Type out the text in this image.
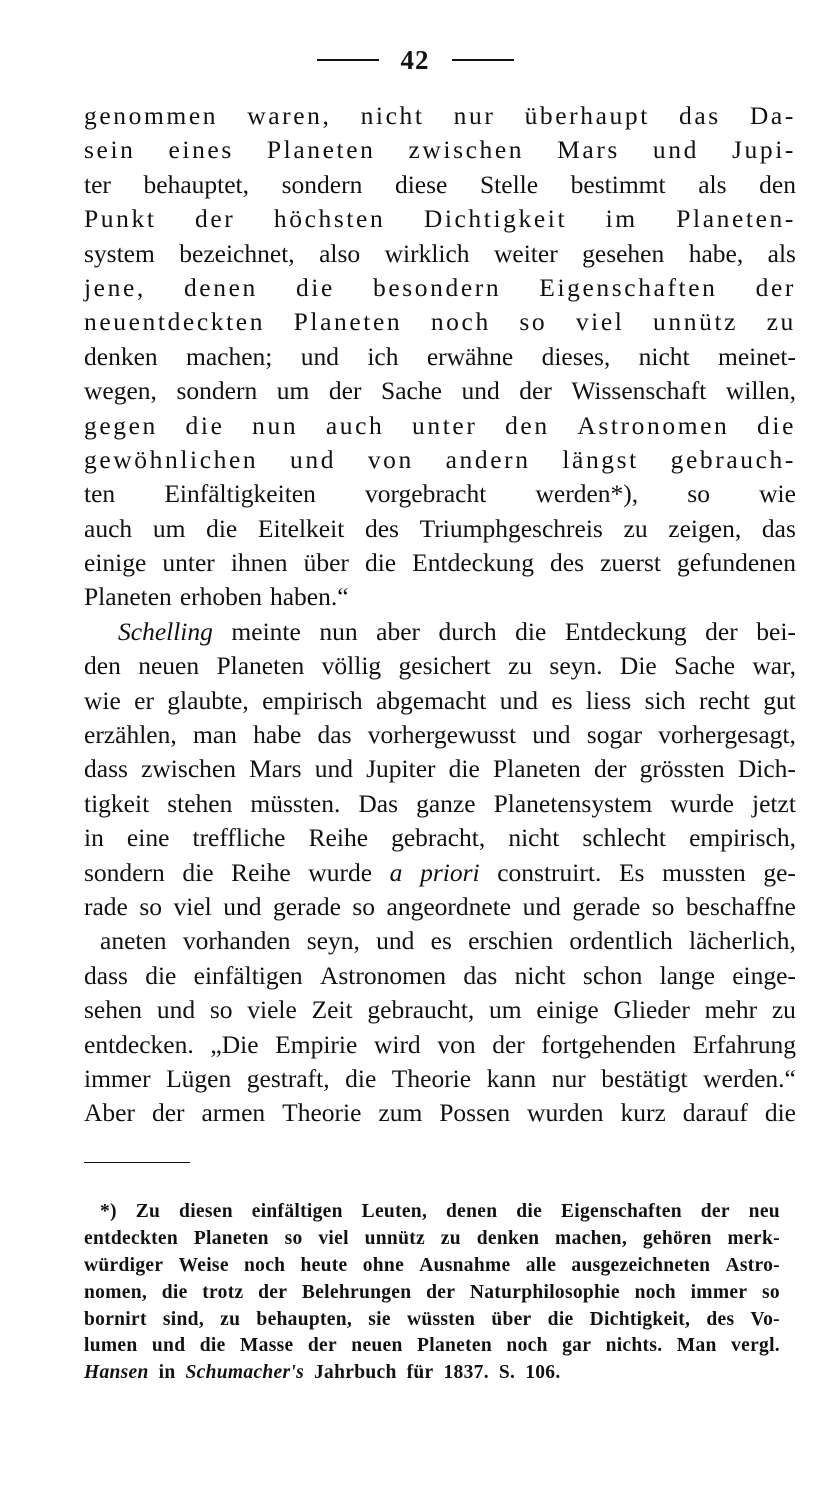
42
genommen waren, nicht nur überhaupt das Da-
sein eines Planeten zwischen Mars und Jupi-
ter behauptet, sondern diese Stelle bestimmt als den
Punkt der höchsten Dichtigkeit im Planeten-
system bezeichnet, also wirklich weiter gesehen habe, als
jene, denen die besondern Eigenschaften der
neuentdeckten Planeten noch so viel unnütz zu
denken machen; und ich erwähne dieses, nicht meinet-
wegen, sondern um der Sache und der Wissenschaft willen,
gegen die nun auch unter den Astronomen die
gewöhnlichen und von andern längst gebrauch-
ten Einfältigkeiten vorgebracht werden*), so wie
auch um die Eitelkeit des Triumphgeschreis zu zeigen, das
einige unter ihnen über die Entdeckung des zuerst gefundenen
Planeten erhoben haben.“
Schelling meinte nun aber durch die Entdeckung der bei-
den neuen Planeten völlig gesichert zu seyn. Die Sache war,
wie er glaubte, empirisch abgemacht und es liess sich recht gut
erzählen, man habe das vorhergewusst und sogar vorhergesagt,
dass zwischen Mars und Jupiter die Planeten der grössten Dich-
tigkeit stehen müssten. Das ganze Planetensystem wurde jetzt
in eine treffliche Reihe gebracht, nicht schlecht empirisch,
sondern die Reihe wurde a priori construirt. Es mussten ge-
rade so viel und gerade so angeordnete und gerade so beschaffne
aneten vorhanden seyn, und es erschien ordentlich lächerlich,
dass die einfältigen Astronomen das nicht schon lange einge-
sehen und so viele Zeit gebraucht, um einige Glieder mehr zu
entdecken. „Die Empirie wird von der fortgehenden Erfahrung
immer Lügen gestraft, die Theorie kann nur bestätigt werden.“
Aber der armen Theorie zum Possen wurden kurz darauf die
*) Zu diesen einfältigen Leuten, denen die Eigenschaften der neu
entdeckten Planeten so viel unnütz zu denken machen, gehören merk-
würdiger Weise noch heute ohne Ausnahme alle ausgezeichneten Astro-
nomen, die trotz der Belehrungen der Naturphilosophie noch immer so
bornirt sind, zu behaupten, sie wüssten über die Dichtigkeit, des Vo-
lumen und die Masse der neuen Planeten noch gar nichts. Man vergl.
Hansen in Schumacher's Jahrbuch für 1837. S. 106.
